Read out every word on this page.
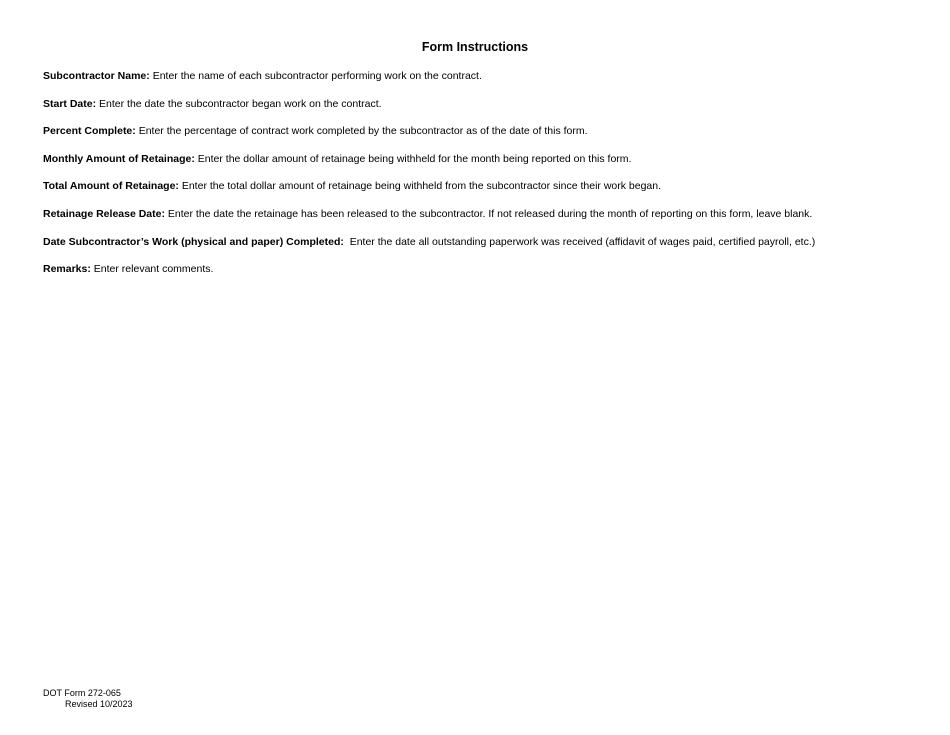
Form Instructions

Subcontractor Name: Enter the name of each subcontractor performing work on the contract.

Start Date: Enter the date the subcontractor began work on the contract.

Percent Complete: Enter the percentage of contract work completed by the subcontractor as of the date of this form.

Monthly Amount of Retainage: Enter the dollar amount of retainage being withheld for the month being reported on this form.

Total Amount of Retainage: Enter the total dollar amount of retainage being withheld from the subcontractor since their work began.

Retainage Release Date: Enter the date the retainage has been released to the subcontractor. If not released during the month of reporting on this form, leave blank.

Date Subcontractor’s Work (physical and paper) Completed:  Enter the date all outstanding paperwork was received (affidavit of wages paid, certified payroll, etc.)

Remarks: Enter relevant comments.

DOT Form 272-065
Revised 10/2023
